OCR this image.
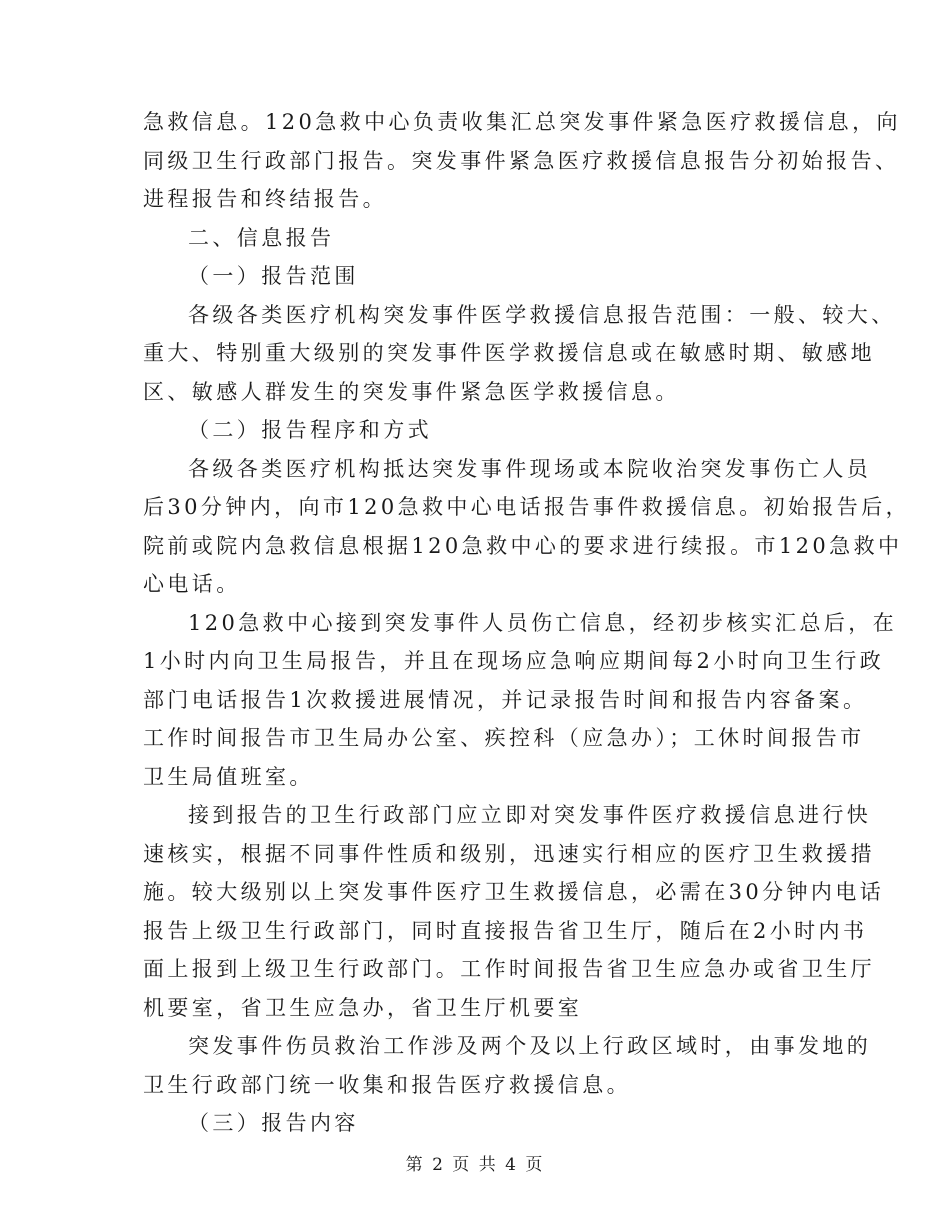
急救信息。120急救中心负责收集汇总突发事件紧急医疗救援信息，向
同级卫生行政部门报告。突发事件紧急医疗救援信息报告分初始报告、
进程报告和终结报告。
二、信息报告
（一）报告范围
各级各类医疗机构突发事件医学救援信息报告范围：一般、较大、
重大、特别重大级别的突发事件医学救援信息或在敏感时期、敏感地
区、敏感人群发生的突发事件紧急医学救援信息。
（二）报告程序和方式
各级各类医疗机构抵达突发事件现场或本院收治突发事伤亡人员
后30分钟内，向市120急救中心电话报告事件救援信息。初始报告后，
院前或院内急救信息根据120急救中心的要求进行续报。市120急救中
心电话。
120急救中心接到突发事件人员伤亡信息，经初步核实汇总后，在
1小时内向卫生局报告，并且在现场应急响应期间每2小时向卫生行政
部门电话报告1次救援进展情况，并记录报告时间和报告内容备案。
工作时间报告市卫生局办公室、疾控科（应急办）；工休时间报告市
卫生局值班室。
接到报告的卫生行政部门应立即对突发事件医疗救援信息进行快
速核实，根据不同事件性质和级别，迅速实行相应的医疗卫生救援措
施。较大级别以上突发事件医疗卫生救援信息，必需在30分钟内电话
报告上级卫生行政部门，同时直接报告省卫生厅，随后在2小时内书
面上报到上级卫生行政部门。工作时间报告省卫生应急办或省卫生厅
机要室，省卫生应急办，省卫生厅机要室
突发事件伤员救治工作涉及两个及以上行政区域时，由事发地的
卫生行政部门统一收集和报告医疗救援信息。
（三）报告内容
第 2 页 共 4 页
